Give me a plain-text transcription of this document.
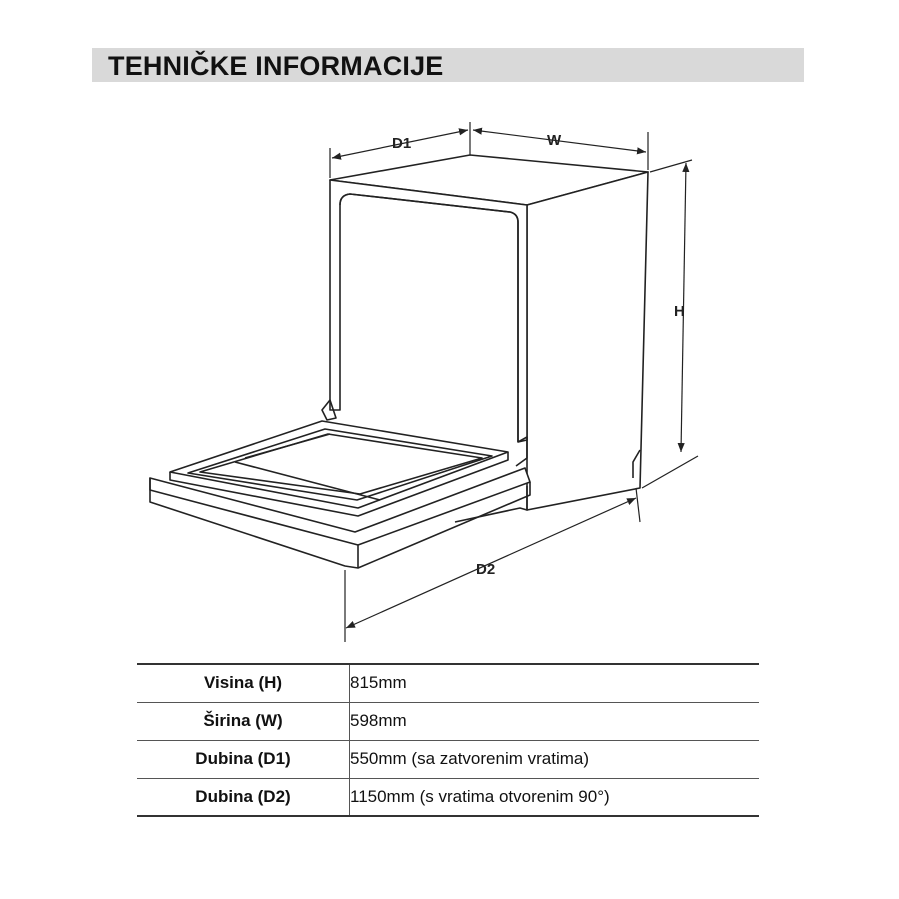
TEHNIČKE INFORMACIJE
D1	W
H
D2
Visina (H)	815mm
Širina (W)	598mm
Dubina (D1)	550mm (sa zatvorenim vratima)
Dubina (D2)	1150mm (s vratima otvorenim 90°)
